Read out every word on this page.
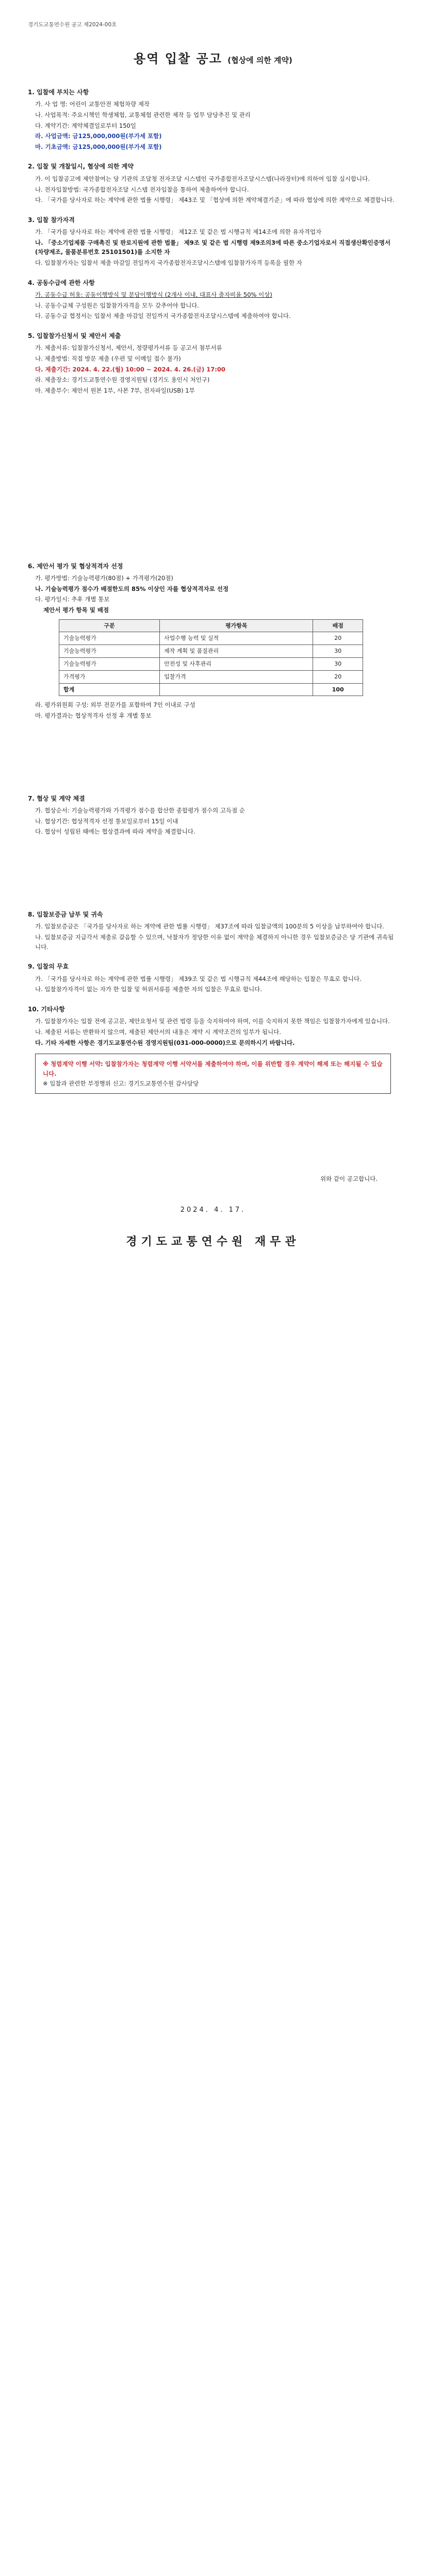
경기도교통연수원 공고 제2024-00호
용역 입찰 공고 (협상에 의한 계약)
1. 입찰에 부치는 사항
가. 사 업 명: 어린이 교통안전 체험차량 제작
나. 사업목적: 주요시책인 학생체험, 교통체험 관련한 제작 등 업무 담당추진 및 관리
다. 계약기간: 계약체결일로부터 150일
라. 사업금액: 금125,000,000원(부가세 포함)
마. 기초금액: 금125,000,000원(부가세 포함)
2. 입찰 및 개찰일시, 협상에 의한 계약
가. 이 입찰공고에 제안참여는 당 기관의 조달청 전자조달 시스템인 국가종합전자조달시스템(나라장터)에 의하여 입찰 실시합니다.
나. 전자입찰방법: 국가종합전자조달 시스템 전자입찰을 통하여 제출하여야 합니다.
다. 「국가를 당사자로 하는 계약에 관한 법률 시행령」 제43조 및 「협상에 의한 계약체결기준」에 따라 협상에 의한 계약으로 체결합니다.
3. 입찰 참가자격
가. 「국가를 당사자로 하는 계약에 관한 법률 시행령」 제12조 및 같은 법 시행규칙 제14조에 의한 유자격업자
나. 「중소기업제품 구매촉진 및 판로지원에 관한 법률」 제9조 및 같은 법 시행령 제9조의3에 따른 중소기업자로서 직접생산확인증명서(차량제조, 물품분류번호 25101501)를 소지한 자
다. 입찰참가자는 입찰서 제출 마감일 전일까지 국가종합전자조달시스템에 입찰참가자격 등록을 필한 자
4. 공동수급에 관한 사항
가. 공동수급 허용: 공동이행방식 및 분담이행방식 (2개사 이내, 대표사 출자비율 50% 이상)
나. 공동수급체 구성원은 입찰참가자격을 모두 갖추어야 합니다.
다. 공동수급 협정서는 입찰서 제출 마감일 전일까지 국가종합전자조달시스템에 제출하여야 합니다.
5. 입찰참가신청서 및 제안서 제출
가. 제출서류: 입찰참가신청서, 제안서, 정량평가서류 등 공고서 첨부서류
나. 제출방법: 직접 방문 제출 (우편 및 이메일 접수 불가)
다. 제출기간: 2024. 4. 22.(월) 10:00 ~ 2024. 4. 26.(금) 17:00
라. 제출장소: 경기도교통연수원 경영지원팀 (경기도 용인시 처인구)
마. 제출부수: 제안서 원본 1부, 사본 7부, 전자파일(USB) 1부
6. 제안서 평가 및 협상적격자 선정
가. 평가방법: 기술능력평가(80점) + 가격평가(20점)
나. 기술능력평가 점수가 배점한도의 85% 이상인 자를 협상적격자로 선정
다. 평가일시: 추후 개별 통보
제안서 평가 항목 및 배점
구분	평가항목	배점
기술능력평가	사업수행 능력 및 실적	20
기술능력평가	제작 계획 및 품질관리	30
기술능력평가	안전성 및 사후관리	30
가격평가	입찰가격	20
합계		100
라. 평가위원회 구성: 외부 전문가를 포함하여 7인 이내로 구성
마. 평가결과는 협상적격자 선정 후 개별 통보
7. 협상 및 계약 체결
가. 협상순서: 기술능력평가와 가격평가 점수를 합산한 종합평가 점수의 고득점 순
나. 협상기간: 협상적격자 선정 통보일로부터 15일 이내
다. 협상이 성립된 때에는 협상결과에 따라 계약을 체결합니다.
8. 입찰보증금 납부 및 귀속
가. 입찰보증금은 「국가를 당사자로 하는 계약에 관한 법률 시행령」 제37조에 따라 입찰금액의 100분의 5 이상을 납부하여야 합니다.
나. 입찰보증금 지급각서 제출로 갈음할 수 있으며, 낙찰자가 정당한 이유 없이 계약을 체결하지 아니한 경우 입찰보증금은 당 기관에 귀속됩니다.
9. 입찰의 무효
가. 「국가를 당사자로 하는 계약에 관한 법률 시행령」 제39조 및 같은 법 시행규칙 제44조에 해당하는 입찰은 무효로 합니다.
나. 입찰참가자격이 없는 자가 한 입찰 및 허위서류를 제출한 자의 입찰은 무효로 합니다.
10. 기타사항
가. 입찰참가자는 입찰 전에 공고문, 제안요청서 및 관련 법령 등을 숙지하여야 하며, 이를 숙지하지 못한 책임은 입찰참가자에게 있습니다.
나. 제출된 서류는 반환하지 않으며, 제출된 제안서의 내용은 계약 시 계약조건의 일부가 됩니다.
다. 기타 자세한 사항은 경기도교통연수원 경영지원팀(031-000-0000)으로 문의하시기 바랍니다.
※ 청렴계약 이행 서약: 입찰참가자는 청렴계약 이행 서약서를 제출하여야 하며, 이를 위반할 경우 계약이 해제 또는 해지될 수 있습니다.
※ 입찰과 관련한 부정행위 신고: 경기도교통연수원 감사담당
위와 같이 공고합니다.
2024. 4. 17.
경기도교통연수원 재무관
